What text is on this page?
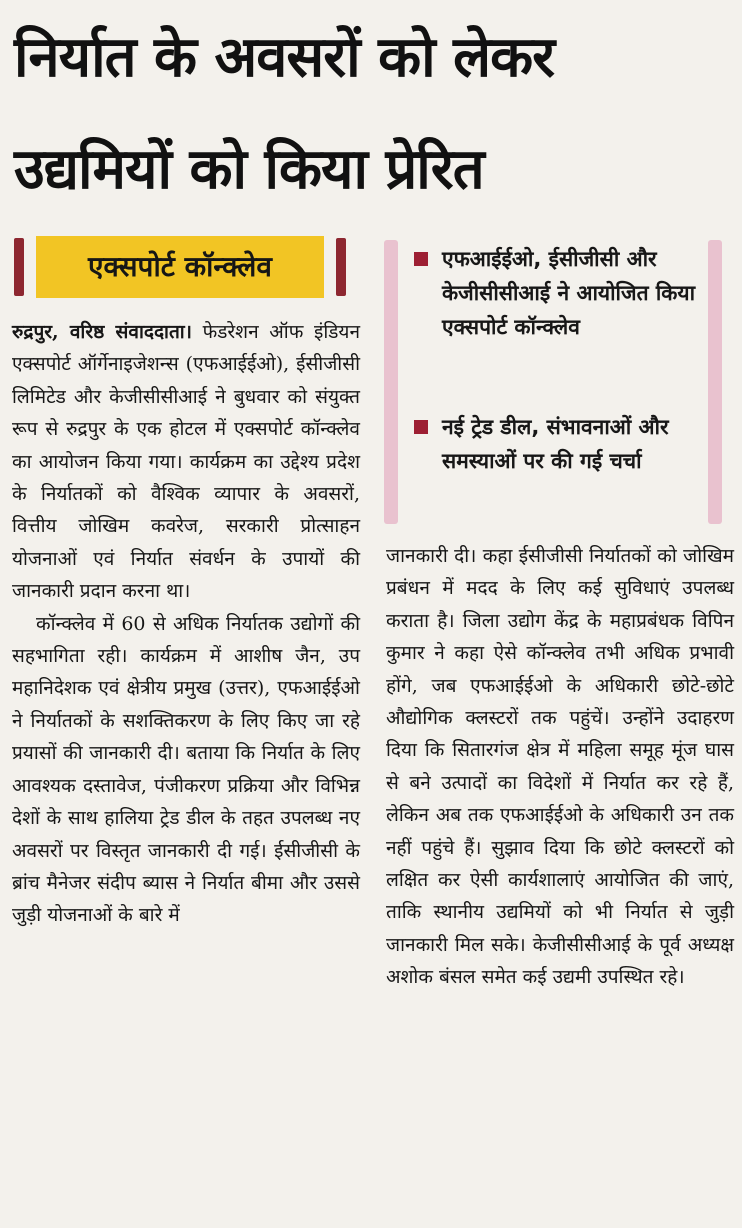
निर्यात के अवसरों को लेकर
उद्यमियों को किया प्रेरित
एक्सपोर्ट कॉन्क्लेव	एफआईईओ, ईसीजीसी और केजीसीसीआई ने आयोजित किया एक्सपोर्ट कॉन्क्लेव
नई ट्रेड डील, संभावनाओं और समस्याओं पर की गई चर्चा

रुद्रपुर, वरिष्ठ संवाददाता। फेडरेशन ऑफ इंडियन एक्सपोर्ट ऑर्गेनाइजेशन्स (एफआईईओ), ईसीजीसी लिमिटेड और केजीसीसीआई ने बुधवार को संयुक्त रूप से रुद्रपुर के एक होटल में एक्सपोर्ट कॉन्क्लेव का आयोजन किया गया। कार्यक्रम का उद्देश्य प्रदेश के निर्यातकों को वैश्विक व्यापार के अवसरों, वित्तीय जोखिम कवरेज, सरकारी प्रोत्साहन योजनाओं एवं निर्यात संवर्धन के उपायों की जानकारी प्रदान करना था।

कॉन्क्लेव में 60 से अधिक निर्यातक उद्योगों की सहभागिता रही। कार्यक्रम में आशीष जैन, उप महानिदेशक एवं क्षेत्रीय प्रमुख (उत्तर), एफआईईओ ने निर्यातकों के सशक्तिकरण के लिए किए जा रहे प्रयासों की जानकारी दी। बताया कि निर्यात के लिए आवश्यक दस्तावेज, पंजीकरण प्रक्रिया और विभिन्न देशों के साथ हालिया ट्रेड डील के तहत उपलब्ध नए अवसरों पर विस्तृत जानकारी दी गई। ईसीजीसी के ब्रांच मैनेजर संदीप ब्यास ने निर्यात बीमा और उससे जुड़ी योजनाओं के बारे में

जानकारी दी। कहा ईसीजीसी निर्यातकों को जोखिम प्रबंधन में मदद के लिए कई सुविधाएं उपलब्ध कराता है। जिला उद्योग केंद्र के महाप्रबंधक विपिन कुमार ने कहा ऐसे कॉन्क्लेव तभी अधिक प्रभावी होंगे, जब एफआईईओ के अधिकारी छोटे-छोटे औद्योगिक क्लस्टरों तक पहुंचें। उन्होंने उदाहरण दिया कि सितारगंज क्षेत्र में महिला समूह मूंज घास से बने उत्पादों का विदेशों में निर्यात कर रहे हैं, लेकिन अब तक एफआईईओ के अधिकारी उन तक नहीं पहुंचे हैं। सुझाव दिया कि छोटे क्लस्टरों को लक्षित कर ऐसी कार्यशालाएं आयोजित की जाएं, ताकि स्थानीय उद्यमियों को भी निर्यात से जुड़ी जानकारी मिल सके। केजीसीसीआई के पूर्व अध्यक्ष अशोक बंसल समेत कई उद्यमी उपस्थित रहे।
